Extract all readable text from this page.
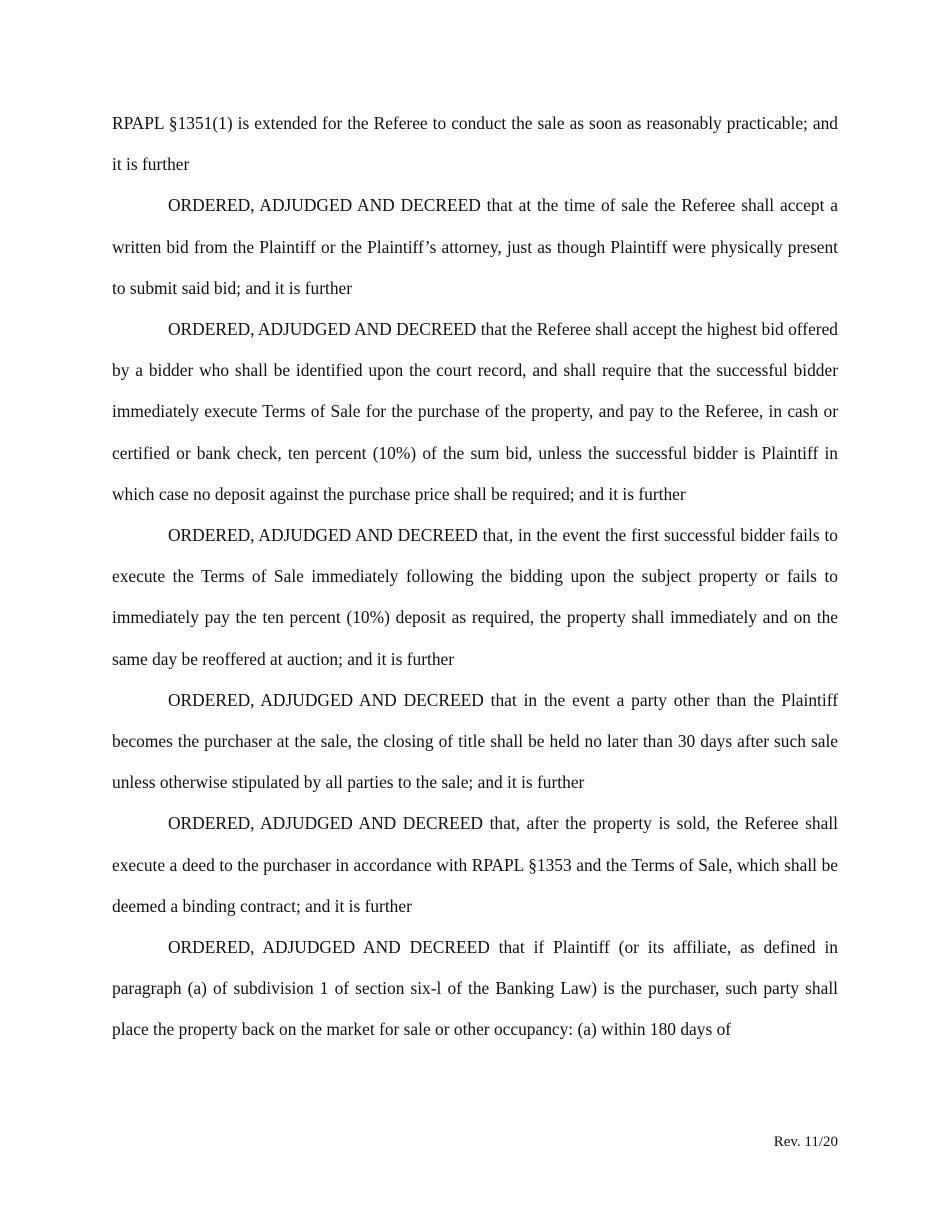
RPAPL §1351(1) is extended for the Referee to conduct the sale as soon as reasonably practicable; and it is further

ORDERED, ADJUDGED AND DECREED that at the time of sale the Referee shall accept a written bid from the Plaintiff or the Plaintiff’s attorney, just as though Plaintiff were physically present to submit said bid; and it is further

ORDERED, ADJUDGED AND DECREED that the Referee shall accept the highest bid offered by a bidder who shall be identified upon the court record, and shall require that the successful bidder immediately execute Terms of Sale for the purchase of the property, and pay to the Referee, in cash or certified or bank check, ten percent (10%) of the sum bid, unless the successful bidder is Plaintiff in which case no deposit against the purchase price shall be required; and it is further

ORDERED, ADJUDGED AND DECREED that, in the event the first successful bidder fails to execute the Terms of Sale immediately following the bidding upon the subject property or fails to immediately pay the ten percent (10%) deposit as required, the property shall immediately and on the same day be reoffered at auction; and it is further

ORDERED, ADJUDGED AND DECREED that in the event a party other than the Plaintiff becomes the purchaser at the sale, the closing of title shall be held no later than 30 days after such sale unless otherwise stipulated by all parties to the sale; and it is further

ORDERED, ADJUDGED AND DECREED that, after the property is sold, the Referee shall execute a deed to the purchaser in accordance with RPAPL §1353 and the Terms of Sale, which shall be deemed a binding contract; and it is further

ORDERED, ADJUDGED AND DECREED that if Plaintiff (or its affiliate, as defined in paragraph (a) of subdivision 1 of section six-l of the Banking Law) is the purchaser, such party shall place the property back on the market for sale or other occupancy: (a) within 180 days of

Rev. 11/20
